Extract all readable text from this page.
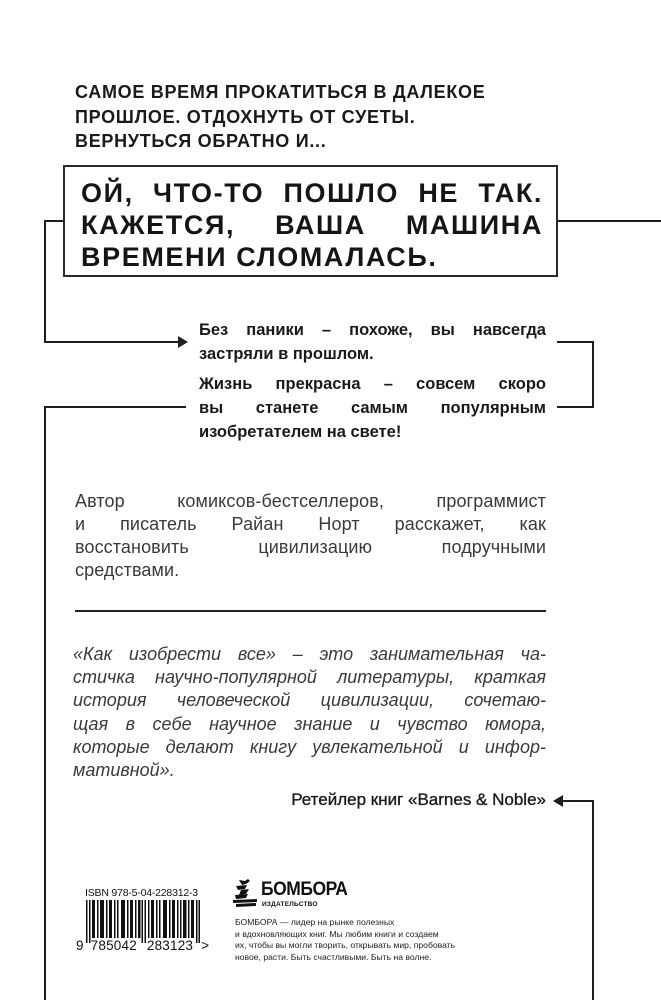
САМОЕ ВРЕМЯ ПРОКАТИТЬСЯ В ДАЛЕКОЕ
ПРОШЛОЕ. ОТДОХНУТЬ ОТ СУЕТЫ.
ВЕРНУТЬСЯ ОБРАТНО И...
ОЙ, ЧТО-ТО ПОШЛО НЕ ТАК.
КАЖЕТСЯ, ВАША МАШИНА
ВРЕМЕНИ СЛОМАЛАСЬ.
Без паники – похоже, вы навсегда
застряли в прошлом.
Жизнь прекрасна – совсем скоро
вы станете самым популярным
изобретателем на свете!
Автор комиксов-бестселлеров, программист
и писатель Райан Норт расскажет, как
восстановить цивилизацию подручными
средствами.
«Как изобрести все» – это занимательная ча-
стичка научно-популярной литературы, краткая
история человеческой цивилизации, сочетаю-
щая в себе научное знание и чувство юмора,
которые делают книгу увлекательной и инфор-
мативной».
Ретейлер книг «Barnes & Noble»
ISBN 978-5-04-228312-3
9 785042 283123 >
БОМБОРА
ИЗДАТЕЛЬСТВО
БОМБОРА — лидер на рынке полезных
и вдохновляющих книг. Мы любим книги и создаем
их, чтобы вы могли творить, открывать мир, пробовать
новое, расти. Быть счастливыми. Быть на волне.
